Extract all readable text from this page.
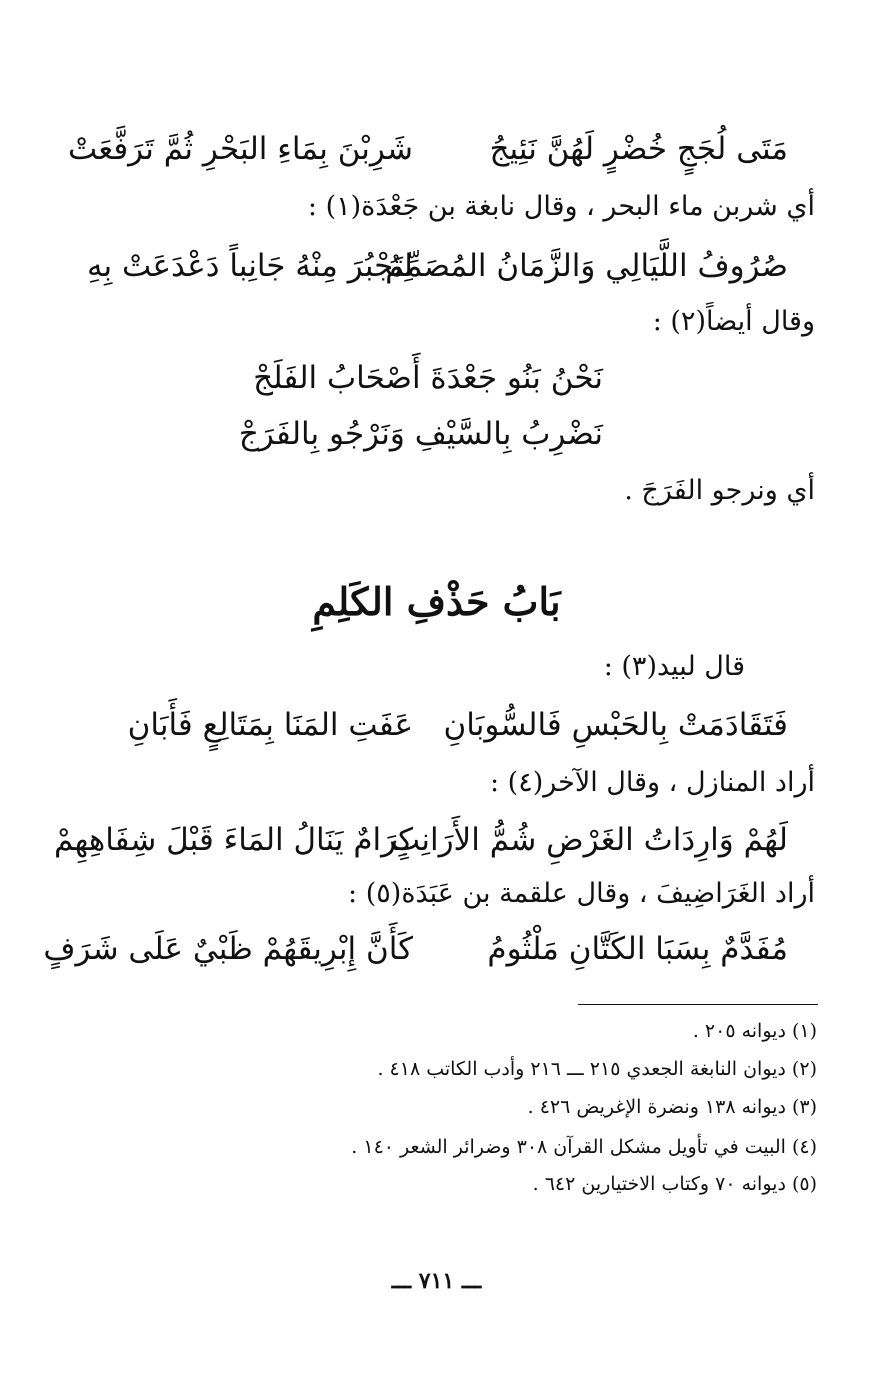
شَرِبْنَ بِمَاءِ البَحْرِ ثُمَّ تَرَفَّعَتْ مَتَى لُجَجٍ خُضْرٍ لَهُنَّ نَئِيجُ
أي شربن ماء البحر ، وقال نابغة بن جَعْدَة(١) :
لِتَجْبُرَ مِنْهُ جَانِباً دَعْدَعَتْ بِهِ
صُرُوفُ اللَّيَالِي وَالزَّمَانُ المُصَمِّمُ
وقال أيضاً(٢) :
نَحْنُ بَنُو جَعْدَةَ أَصْحَابُ الفَلَجْ
نَضْرِبُ بِالسَّيْفِ وَنَرْجُو بِالفَرَجْ
أي ونرجو الفَرَجَ .
بَابُ حَذْفِ الكَلِمِ
قال لبيد(٣) :
عَفَتِ المَنَا بِمَتَالِعٍ فَأَبَانِ فَتَقَادَمَتْ بِالحَبْسِ فَالسُّوبَانِ
أراد المنازل ، وقال الآخر(٤) :
كِرَامٌ يَنَالُ المَاءَ قَبْلَ شِفَاهِهِمْ
لَهُمْ وَارِدَاتُ الغَرْضِ شُمُّ الأَرَانِبِ
أراد الغَرَاضِيفَ ، وقال علقمة بن عَبَدَة(٥) :
كَأَنَّ إِبْرِيقَهُمْ ظَبْيٌ عَلَى شَرَفٍ مُفَدَّمٌ بِسَبَا الكَتَّانِ مَلْثُومُ
(١) ديوانه ٢٠٥ .
(٢) ديوان النابغة الجعدي ٢١٥ ـــ ٢١٦ وأدب الكاتب ٤١٨ .
(٣) ديوانه ١٣٨ ونضرة الإغريض ٤٢٦ .
(٤) البيت في تأويل مشكل القرآن ٣٠٨ وضرائر الشعر ١٤٠ .
(٥) ديوانه ٧٠ وكتاب الاختيارين ٦٤٢ .
ـــ ٧١١ ـــ
